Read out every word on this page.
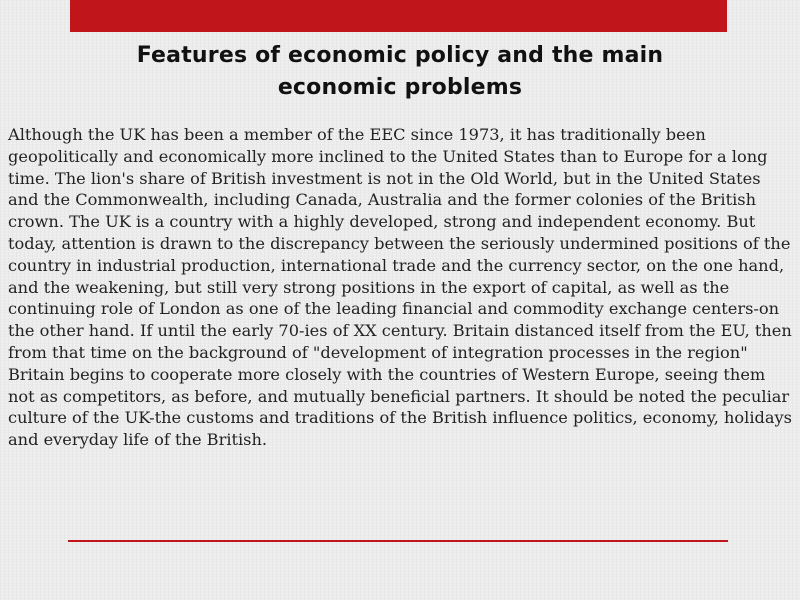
Features of economic policy and the main
economic problems

Although the UK has been a member of the EEC since 1973, it has traditionally been geopolitically and economically more inclined to the United States than to Europe for a long time. The lion's share of British investment is not in the Old World, but in the United States and the Commonwealth, including Canada, Australia and the former colonies of the British crown. The UK is a country with a highly developed, strong and independent economy. But today, attention is drawn to the discrepancy between the seriously undermined positions of the country in industrial production, international trade and the currency sector, on the one hand, and the weakening, but still very strong positions in the export of capital, as well as the continuing role of London as one of the leading financial and commodity exchange centers-on the other hand. If until the early 70-ies of XX century. Britain distanced itself from the EU, then from that time on the background of "development of integration processes in the region" Britain begins to cooperate more closely with the countries of Western Europe, seeing them not as competitors, as before, and mutually beneficial partners. It should be noted the peculiar culture of the UK-the customs and traditions of the British influence politics, economy, holidays and everyday life of the British.
